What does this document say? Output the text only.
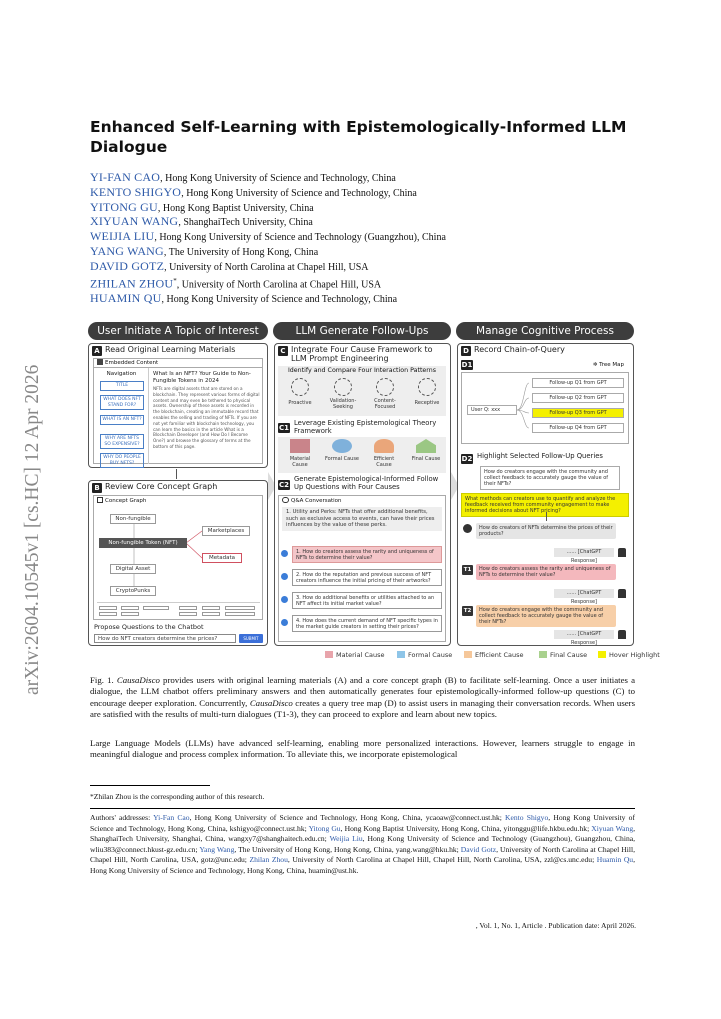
arXiv:2604.10545v1 [cs.HC] 12 Apr 2026
Enhanced Self-Learning with Epistemologically-Informed LLM Dialogue
YI-FAN CAO, Hong Kong University of Science and Technology, China
KENTO SHIGYO, Hong Kong University of Science and Technology, China
YITONG GU, Hong Kong Baptist University, China
XIYUAN WANG, ShanghaiTech University, China
WEIJIA LIU, Hong Kong University of Science and Technology (Guangzhou), China
YANG WANG, The University of Hong Kong, China
DAVID GOTZ, University of North Carolina at Chapel Hill, USA
ZHILAN ZHOU*, University of North Carolina at Chapel Hill, USA
HUAMIN QU, Hong Kong University of Science and Technology, China
User Initiate A Topic of Interest	LLM Generate Follow-Ups	Manage Cognitive Process
A Read Original Learning Materials
Embedded Content
Navigation
TITLE
WHAT DOES NFT STAND FOR?
WHAT IS AN NFT?
WHY ARE NFTS SO EXPENSIVE?
WHY DO PEOPLE BUY NFTS?
What Is an NFT? Your Guide to Non-Fungible Tokens in 2024
NFTs are digital assets that are stored on a blockchain. They represent various forms of digital content and may even be tethered to physical assets. Ownership of these assets is recorded in the blockchain, creating an immutable record that enables the selling and trading of NFTs. If you are not yet familiar with blockchain technology, you can learn the basics in the article What is a Blockchain Developer (and How Do I Become One?) and browse the glossary of terms at the bottom of this page.
B Review Core Concept Graph
Concept Graph
Non-fungible
Non-fungible Token (NFT)
Digital Asset
CryptoPunks
Marketplaces
Metadata
Propose Questions to the Chatbot
How do NFT creators determine the prices?
SUBMIT
C Integrate Four Cause Framework to LLM Prompt Engineering
Identify and Compare Four Interaction Patterns
Proactive	Validation-Seeking
Content-Focused
Receptive
C1
Leverage Existing Epistemological Theory Framework
Material Cause
Formal Cause	Efficient Cause
Final Cause
C2
Generate Epistemological-Informed Follow Up Questions with Four Causes
Q&A Conversation
1. Utility and Perks: NFTs that offer additional benefits, such as exclusive access to events, can have their prices influences by the value of these perks.
1. How do creators assess the rarity and uniqueness of NFTs to determine their value?
2. How do the reputation and previous success of NFT creators influence the initial pricing of their artworks?
3. How do additional benefits or utilities attached to an NFT affect its initial market value?
4. How does the current demand of NFT specific types in the market guide creators in setting their prices?
D Record Chain-of-Query
D1	✲ Tree Map
User Q: xxx
Follow-up Q1 from GPT
Follow-up Q2 from GPT
Follow-up Q3 from GPT
Follow-up Q4 from GPT
D2 Highlight Selected Follow-Up Queries
How do creators engage with the community and collect feedback to accurately gauge the value of their NFTs?
What methods can creators use to quantify and analyze the feedback received from community engagement to make informed decisions about NFT pricing?
How do creators of NFTs determine the prices of their products?
...... [ChatGPT Response]
T1	How do creators assess the rarity and uniqueness of NFTs to determine their value?
...... [ChatGPT Response]
T2	How do creators engage with the community and collect feedback to accurately gauge the value of their NFTs?
...... [ChatGPT Response]
Material Cause	Formal Cause	Efficient Cause	Final Cause	Hover Highlight
Fig. 1. CausaDisco provides users with original learning materials (A) and a core concept graph (B) to facilitate self-learning. Once a user initiates a dialogue, the LLM chatbot offers preliminary answers and then automatically generates four epistemologically-informed follow-up questions (C) to encourage deeper exploration. Concurrently, CausaDisco creates a query tree map (D) to assist users in managing their conversation records. When users are satisfied with the results of multi-turn dialogues (T1-3), they can proceed to explore and learn about new topics.
Large Language Models (LLMs) have advanced self-learning, enabling more personalized interactions. However, learners struggle to engage in meaningful dialogue and process complex information. To alleviate this, we incorporate epistemological
*Zhilan Zhou is the corresponding author of this research.
Authors' addresses: Yi-Fan Cao, Hong Kong University of Science and Technology, Hong Kong, China, ycaoaw@connect.ust.hk; Kento Shigyo, Hong Kong University of Science and Technology, Hong Kong, China, kshigyo@connect.ust.hk; Yitong Gu, Hong Kong Baptist University, Hong Kong, China, yitonggu@life.hkbu.edu.hk; Xiyuan Wang, ShanghaiTech University, Shanghai, China, wangxy7@shanghaitech.edu.cn; Weijia Liu, Hong Kong University of Science and Technology (Guangzhou), Guangzhou, China, wliu383@connect.hkust-gz.edu.cn; Yang Wang, The University of Hong Kong, Hong Kong, China, yang.wang@hku.hk; David Gotz, University of North Carolina at Chapel Hill, Chapel Hill, North Carolina, USA, gotz@unc.edu; Zhilan Zhou, University of North Carolina at Chapel Hill, Chapel Hill, North Carolina, USA, zzl@cs.unc.edu; Huamin Qu, Hong Kong University of Science and Technology, Hong Kong, China, huamin@ust.hk.
, Vol. 1, No. 1, Article . Publication date: April 2026.
